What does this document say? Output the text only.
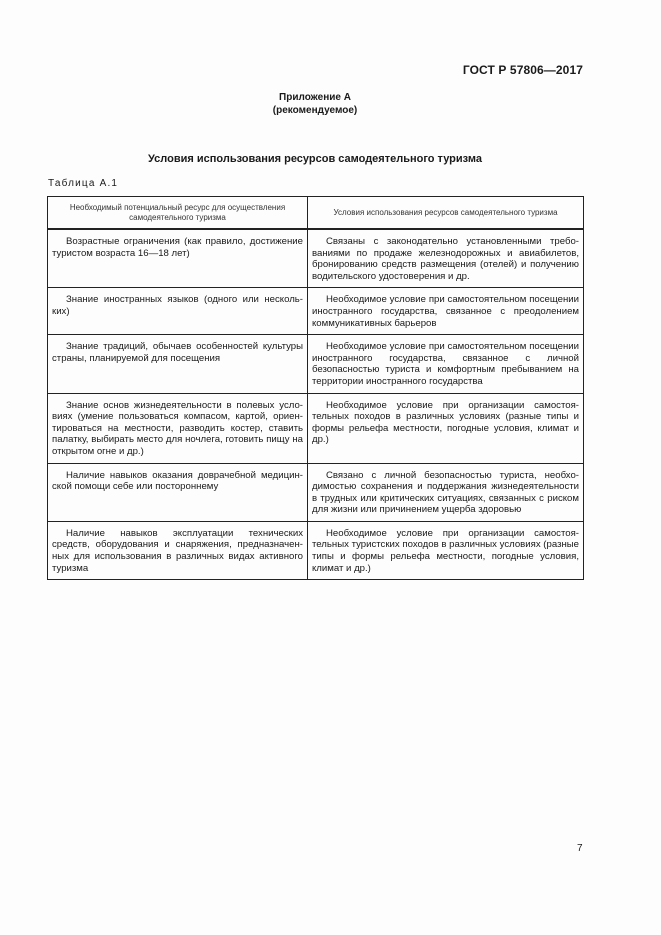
ГОСТ Р 57806—2017
Приложение А
(рекомендуемое)
Условия использования ресурсов самодеятельного туризма
Таблица А.1
Необходимый потенциальный ресурс для осуществления самодеятельного туризма	Условия использования ресурсов самодеятельного туризма

Возрастные ограничения (как правило, достижение туристом возраста 16—18 лет)	Связаны с законодательно установленными требованиями по продаже железнодорожных и авиабилетов, бронированию средств размещения (отелей) и получению водительского удостоверения и др.

Знание иностранных языков (одного или нескольких)	Необходимое условие при самостоятельном посещении иностранного государства, связанное с преодолением коммуникативных барьеров

Знание традиций, обычаев особенностей культуры страны, планируемой для посещения	Необходимое условие при самостоятельном посещении иностранного государства, связанное с личной безопасностью туриста и комфортным пребыванием на территории иностранного государства

Знание основ жизнедеятельности в полевых условиях (умение пользоваться компасом, картой, ориентироваться на местности, разводить костер, ставить палатку, выбирать место для ночлега, готовить пищу на открытом огне и др.)	Необходимое условие при организации самостоятельных походов в различных условиях (разные типы и формы рельефа местности, погодные условия, климат и др.)

Наличие навыков оказания доврачебной медицинской помощи себе или постороннему	Связано с личной безопасностью туриста, необходимостью сохранения и поддержания жизнедеятельности в трудных или критических ситуациях, связанных с риском для жизни или причинением ущерба здоровью

Наличие навыков эксплуатации технических средств, оборудования и снаряжения, предназначенных для использования в различных видах активного туризма	Необходимое условие при организации самостоятельных туристских походов в различных условиях (разные типы и формы рельефа местности, погодные условия, климат и др.)
7
